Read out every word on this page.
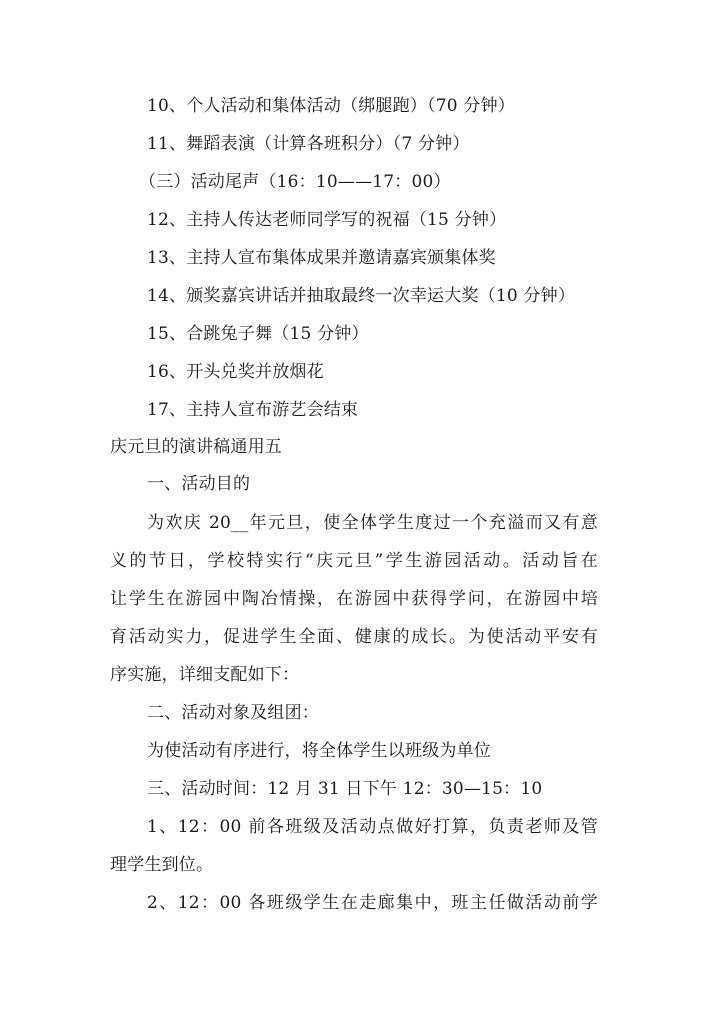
10、个人活动和集体活动（绑腿跑）（70 分钟）
11、舞蹈表演（计算各班积分）（7 分钟）
（三）活动尾声（16：10——17：00）
12、主持人传达老师同学写的祝福（15 分钟）
13、主持人宣布集体成果并邀请嘉宾颁集体奖
14、颁奖嘉宾讲话并抽取最终一次幸运大奖（10 分钟）
15、合跳兔子舞（15 分钟）
16、开头兑奖并放烟花
17、主持人宣布游艺会结束
庆元旦的演讲稿通用五
一、活动目的
为欢庆 20__年元旦，使全体学生度过一个充溢而又有意
义的节日，学校特实行“庆元旦”学生游园活动。活动旨在
让学生在游园中陶冶情操，在游园中获得学问，在游园中培
育活动实力，促进学生全面、健康的成长。为使活动平安有
序实施，详细支配如下：
二、活动对象及组团：
为使活动有序进行，将全体学生以班级为单位
三、活动时间：12 月 31 日下午 12：30—15：10
1、12：00 前各班级及活动点做好打算，负责老师及管
理学生到位。
2、12：00 各班级学生在走廊集中，班主任做活动前学
